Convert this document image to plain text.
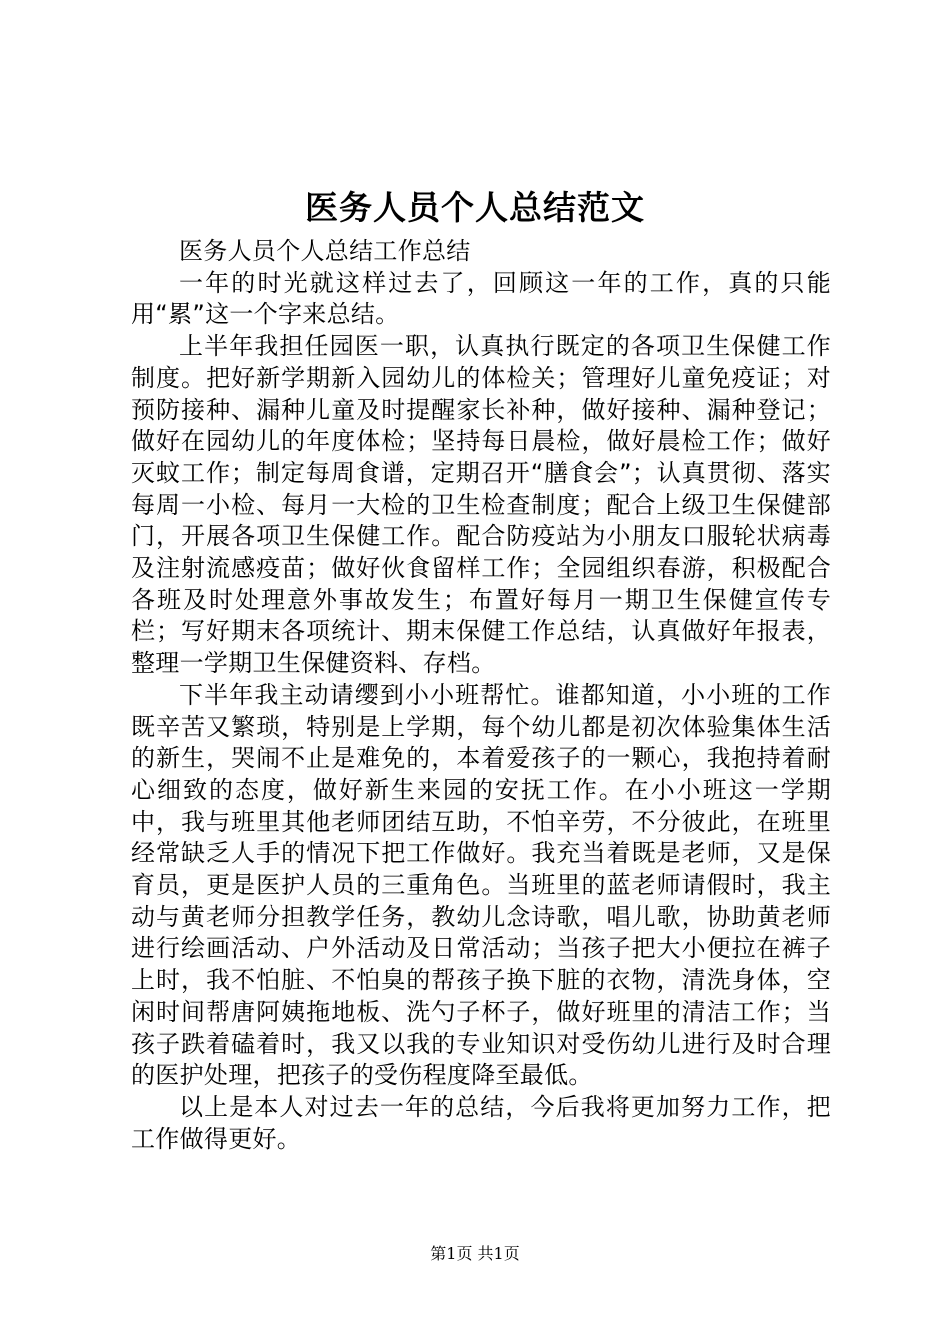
医务人员个人总结范文

医务人员个人总结工作总结

一年的时光就这样过去了，回顾这一年的工作，真的只能用“累”这一个字来总结。

上半年我担任园医一职，认真执行既定的各项卫生保健工作制度。把好新学期新入园幼儿的体检关；管理好儿童免疫证；对预防接种、漏种儿童及时提醒家长补种，做好接种、漏种登记；做好在园幼儿的年度体检；坚持每日晨检，做好晨检工作；做好灭蚊工作；制定每周食谱，定期召开“膳食会”；认真贯彻、落实每周一小检、每月一大检的卫生检查制度；配合上级卫生保健部门，开展各项卫生保健工作。配合防疫站为小朋友口服轮状病毒及注射流感疫苗；做好伙食留样工作；全园组织春游，积极配合各班及时处理意外事故发生；布置好每月一期卫生保健宣传专栏；写好期末各项统计、期末保健工作总结，认真做好年报表，整理一学期卫生保健资料、存档。

下半年我主动请缨到小小班帮忙。谁都知道，小小班的工作既辛苦又繁琐，特别是上学期，每个幼儿都是初次体验集体生活的新生，哭闹不止是难免的，本着爱孩子的一颗心，我抱持着耐心细致的态度，做好新生来园的安抚工作。在小小班这一学期中，我与班里其他老师团结互助，不怕辛劳，不分彼此，在班里经常缺乏人手的情况下把工作做好。我充当着既是老师，又是保育员，更是医护人员的三重角色。当班里的蓝老师请假时，我主动与黄老师分担教学任务，教幼儿念诗歌，唱儿歌，协助黄老师进行绘画活动、户外活动及日常活动；当孩子把大小便拉在裤子上时，我不怕脏、不怕臭的帮孩子换下脏的衣物，清洗身体，空闲时间帮唐阿姨拖地板、洗勺子杯子，做好班里的清洁工作；当孩子跌着磕着时，我又以我的专业知识对受伤幼儿进行及时合理的医护处理，把孩子的受伤程度降至最低。

以上是本人对过去一年的总结，今后我将更加努力工作，把工作做得更好。

第1页 共1页
